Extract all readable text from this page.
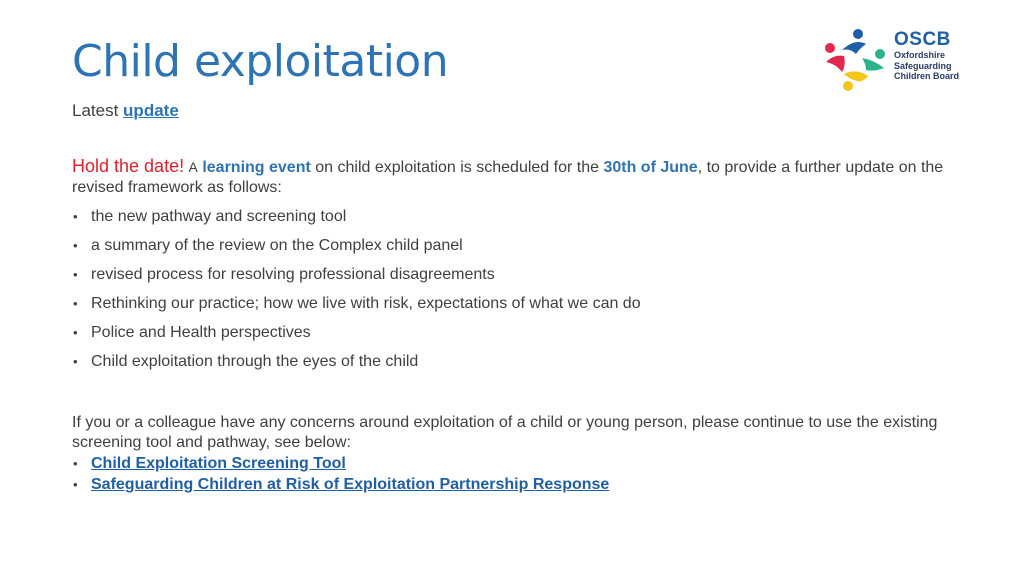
Child exploitation
Latest update
OSCB
Oxfordshire
Safeguarding
Children Board
Hold the date! A learning event on child exploitation is scheduled for the 30th of June, to provide a further update on the revised framework as follows:
• the new pathway and screening tool
• a summary of the review on the Complex child panel
• revised process for resolving professional disagreements
• Rethinking our practice; how we live with risk, expectations of what we can do
• Police and Health perspectives
• Child exploitation through the eyes of the child
If you or a colleague have any concerns around exploitation of a child or young person, please continue to use the existing screening tool and pathway, see below:
• Child Exploitation Screening Tool
• Safeguarding Children at Risk of Exploitation Partnership Response
